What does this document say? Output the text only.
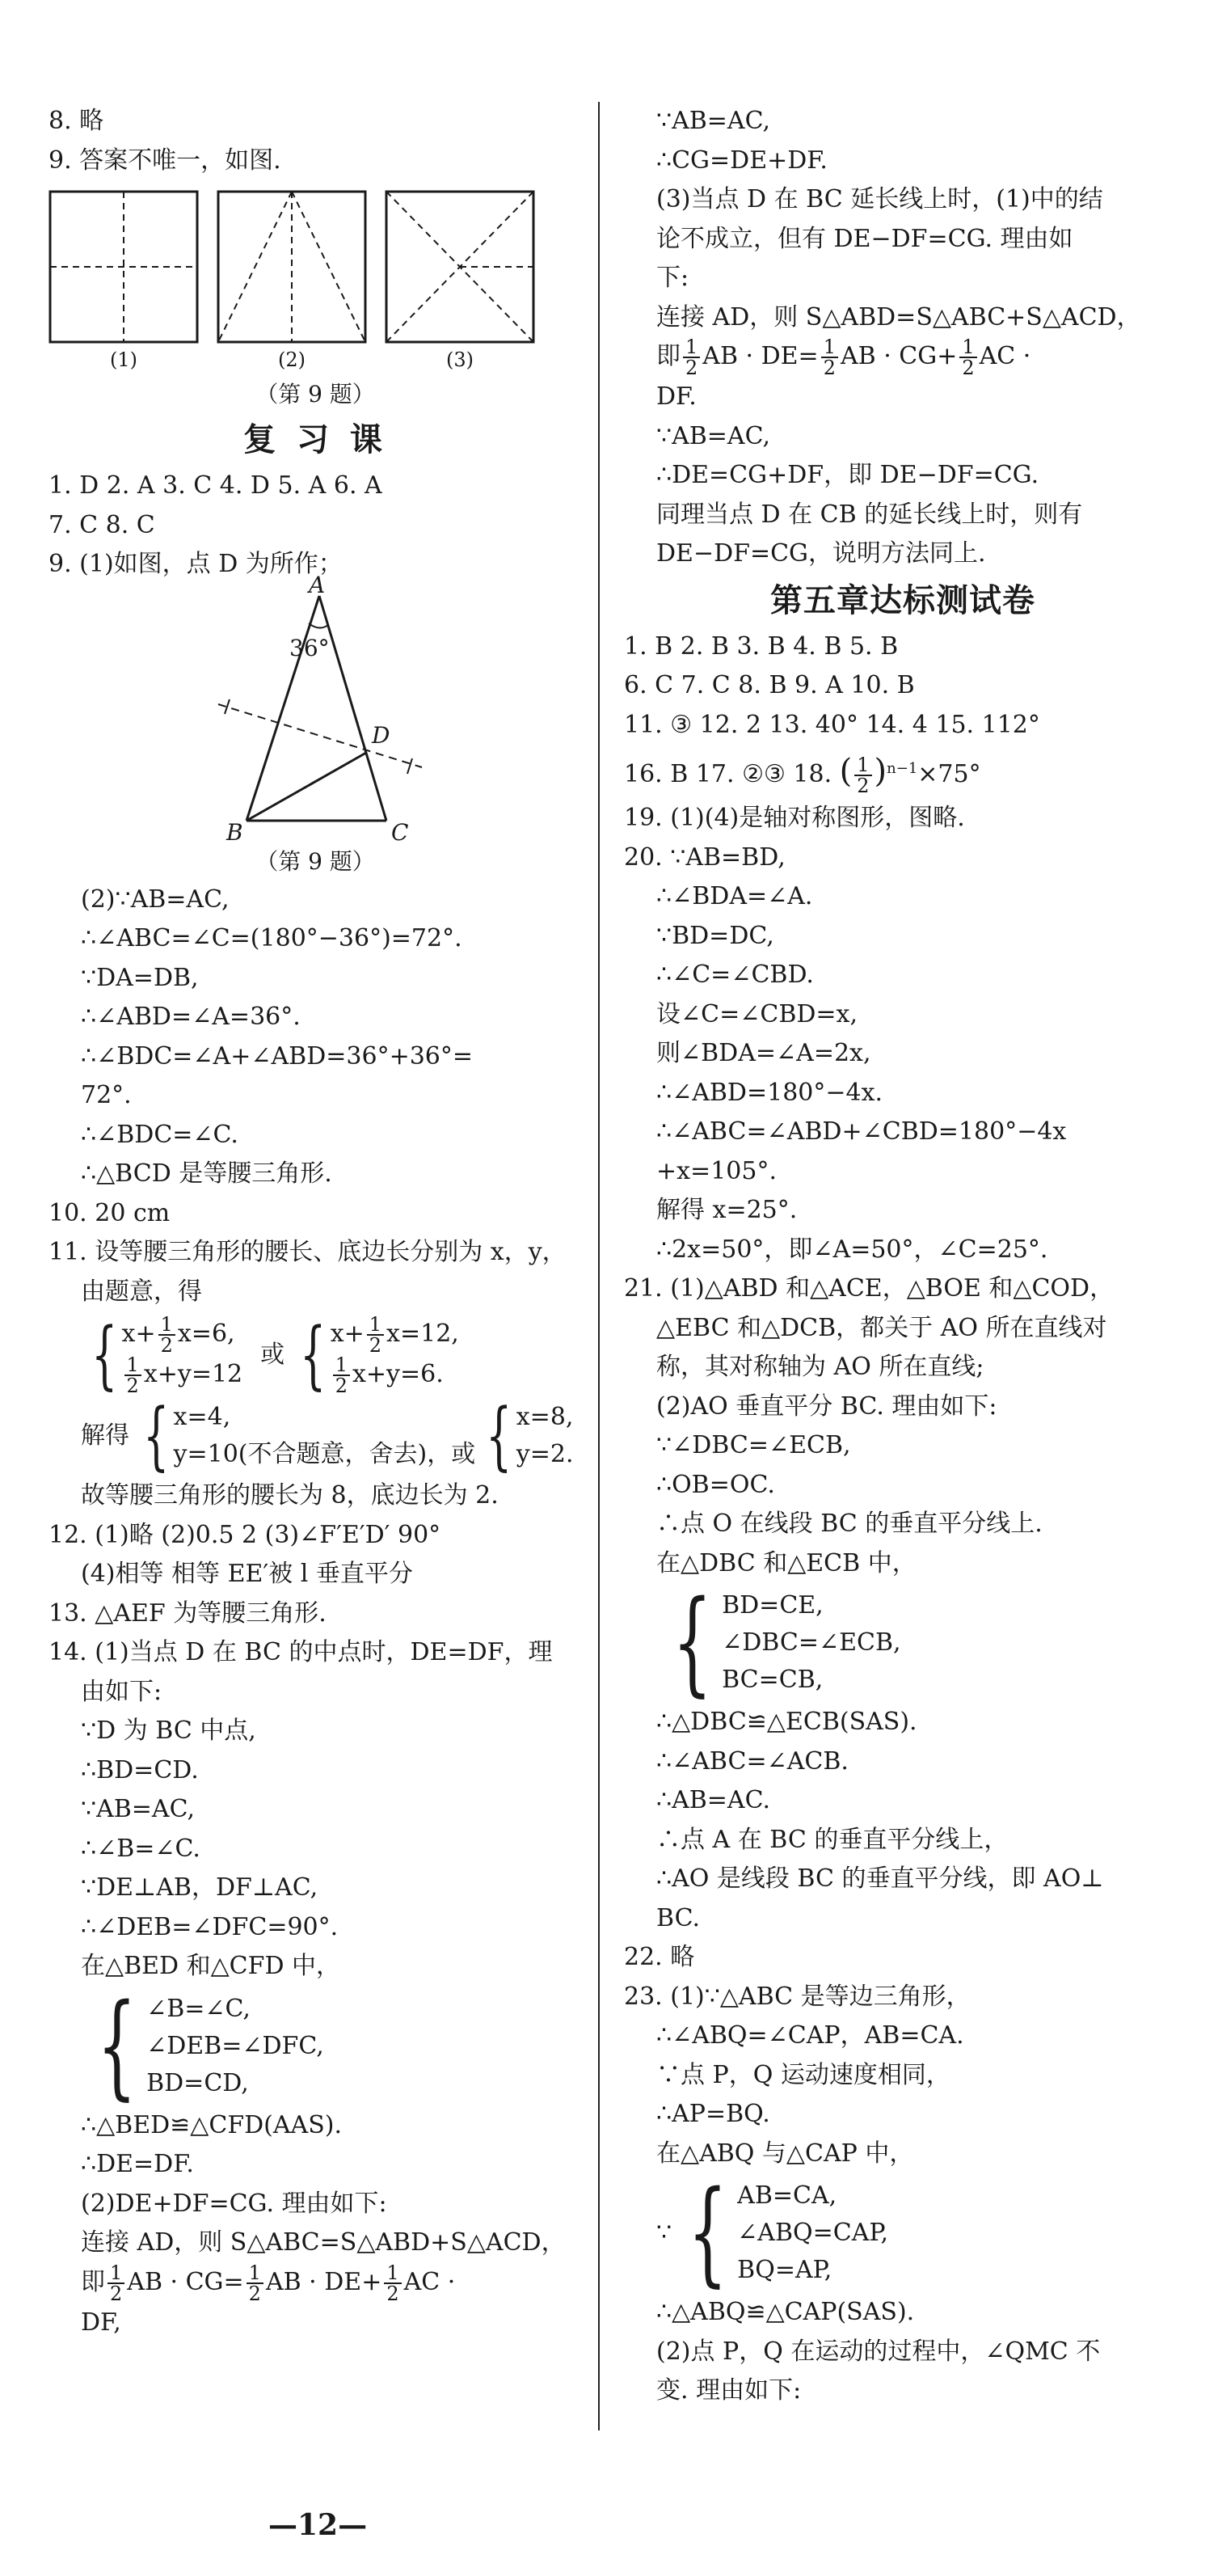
8. 略
9. 答案不唯一，如图.
(1)	(2)	(3)
（第 9 题）
复 习 课
1. D 2. A 3. C 4. D 5. A 6. A
7. C 8. C
9. (1)如图，点 D 为所作；
A
36°
D
B	C
（第 9 题）
(2)∵AB=AC,
∴∠ABC=∠C=(180°−36°)=72°.
∵DA=DB,
∴∠ABD=∠A=36°.
∴∠BDC=∠A+∠ABD=36°+36°=
72°.
∴∠BDC=∠C.
∴△BCD 是等腰三角形.
10. 20 cm
11. 设等腰三角形的腰长、底边长分别为 x，y，
由题意，得
{ $x+ \frac{1}{2} x=6$,
$\frac{1}{2} x+y=12$
或 { $x+ \frac{1}{2} x=12$,
$\frac{1}{2} x+y=6$.
解得 { x=4,
y=10(不合题意，舍去)，或 { x=8,
y=2.
故等腰三角形的腰长为 8，底边长为 2.
12. (1)略 (2)0.5 2 (3)∠F′E′D′ 90°
(4)相等 相等 EE′被 l 垂直平分
13. △AEF 为等腰三角形.
14. (1)当点 D 在 BC 的中点时，DE=DF，理
由如下:
∵D 为 BC 中点,
∴BD=CD.
∵AB=AC,
∴∠B=∠C.
∵DE⊥AB，DF⊥AC,
∴∠DEB=∠DFC=90°.
在△BED 和△CFD 中，
{ ∠B=∠C,
∠DEB=∠DFC,
BD=CD,
∴△BED≌△CFD(AAS).
∴DE=DF.
(2)DE+DF=CG. 理由如下:
连接 AD，则 S△ABC=S△ABD+S△ACD，
即 $\frac{1}{2}$ AB · $CG= \frac{1}{2}$ AB · $DE+ \frac{1}{2}$ AC ·
DF,
∵AB=AC,
∴CG=DE+DF.
(3)当点 D 在 BC 延长线上时，(1)中的结
论不成立，但有 DE−DF=CG. 理由如
下:
连接 AD，则 S△ABD=S△ABC+S△ACD，
即 $\frac{1}{2}$ AB · $DE= \frac{1}{2}$ AB · $CG+ \frac{1}{2}$ AC ·
DF.
∵AB=AC,
∴DE=CG+DF，即 DE−DF=CG.
同理当点 D 在 CB 的延长线上时，则有
DE−DF=CG，说明方法同上.
第五章达标测试卷
1. B 2. B 3. B 4. B 5. B
6. C 7. C 8. B 9. A 10. B
11. ③ 12. 2 13. 40° 14. 4 15. 112°
16. B 17. ②③ 18. ( $\frac{1}{2} )^{n-1}\times 75^\circ$
19. (1)(4)是轴对称图形，图略.
20. ∵AB=BD,
∴∠BDA=∠A.
∵BD=DC,
∴∠C=∠CBD.
设∠C=∠CBD=x,
则∠BDA=∠A=2x,
∴∠ABD=180°−4x.
∴∠ABC=∠ABD+∠CBD=180°−4x
+x=105°.
解得 x=25°.
∴2x=50°，即∠A=50°，∠C=25°.
21. (1)△ABD 和△ACE，△BOE 和△COD，
△EBC 和△DCB，都关于 AO 所在直线对
称，其对称轴为 AO 所在直线;
(2)AO 垂直平分 BC. 理由如下:
∵∠DBC=∠ECB,
∴OB=OC.
∴点 O 在线段 BC 的垂直平分线上.
在△DBC 和△ECB 中，
{ BD=CE,
∠DBC=∠ECB,
BC=CB,
∴△DBC≌△ECB(SAS).
∴∠ABC=∠ACB.
∴AB=AC.
∴点 A 在 BC 的垂直平分线上，
∴AO 是线段 BC 的垂直平分线，即 AO⊥
BC.
22. 略
23. (1)∵△ABC 是等边三角形，
∴∠ABQ=∠CAP，AB=CA.
∵点 P，Q 运动速度相同，
∴AP=BQ.
在△ABQ 与△CAP 中，
∵ { AB=CA,
∠ABQ=CAP,
BQ=AP,
∴△ABQ≌△CAP(SAS).
(2)点 P，Q 在运动的过程中，∠QMC 不
变. 理由如下:
—12—
